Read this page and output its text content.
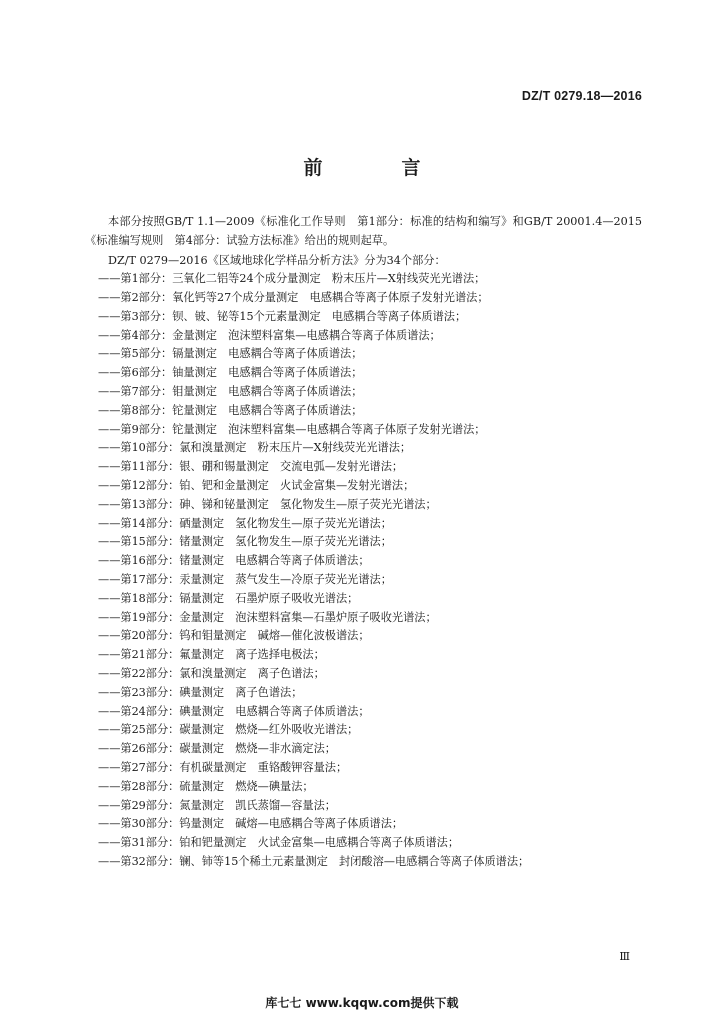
DZ/T 0279.18—2016
前　言

本部分按照GB/T 1.1—2009《标准化工作导则　第1部分：标准的结构和编写》和GB/T 20001.4—2015《标准编写规则　第4部分：试验方法标准》给出的规则起草。

DZ/T 0279—2016《区域地球化学样品分析方法》分为34个部分：

——第1部分：三氧化二铝等24个成分量测定　粉末压片—X射线荧光光谱法；
——第2部分：氧化钙等27个成分量测定　电感耦合等离子体原子发射光谱法；
——第3部分：钡、铍、铋等15个元素量测定　电感耦合等离子体质谱法；
——第4部分：金量测定　泡沫塑料富集—电感耦合等离子体质谱法；
——第5部分：镉量测定　电感耦合等离子体质谱法；
——第6部分：铀量测定　电感耦合等离子体质谱法；
——第7部分：钼量测定　电感耦合等离子体质谱法；
——第8部分：铊量测定　电感耦合等离子体质谱法；
——第9部分：铊量测定　泡沫塑料富集—电感耦合等离子体原子发射光谱法；
——第10部分：氯和溴量测定　粉末压片—X射线荧光光谱法；
——第11部分：银、硼和锡量测定　交流电弧—发射光谱法；
——第12部分：铂、钯和金量测定　火试金富集—发射光谱法；
——第13部分：砷、锑和铋量测定　氢化物发生—原子荧光光谱法；
——第14部分：硒量测定　氢化物发生—原子荧光光谱法；
——第15部分：锗量测定　氢化物发生—原子荧光光谱法；
——第16部分：锗量测定　电感耦合等离子体质谱法；
——第17部分：汞量测定　蒸气发生—冷原子荧光光谱法；
——第18部分：镉量测定　石墨炉原子吸收光谱法；
——第19部分：金量测定　泡沫塑料富集—石墨炉原子吸收光谱法；
——第20部分：钨和钼量测定　碱熔—催化波极谱法；
——第21部分：氟量测定　离子选择电极法；
——第22部分：氯和溴量测定　离子色谱法；
——第23部分：碘量测定　离子色谱法；
——第24部分：碘量测定　电感耦合等离子体质谱法；
——第25部分：碳量测定　燃烧—红外吸收光谱法；
——第26部分：碳量测定　燃烧—非水滴定法；
——第27部分：有机碳量测定　重铬酸钾容量法；
——第28部分：硫量测定　燃烧—碘量法；
——第29部分：氮量测定　凯氏蒸馏—容量法；
——第30部分：钨量测定　碱熔—电感耦合等离子体质谱法；
——第31部分：铂和钯量测定　火试金富集—电感耦合等离子体质谱法；
——第32部分：镧、铈等15个稀土元素量测定　封闭酸溶—电感耦合等离子体质谱法；
Ⅲ
库七七 www.kqqw.com提供下载
